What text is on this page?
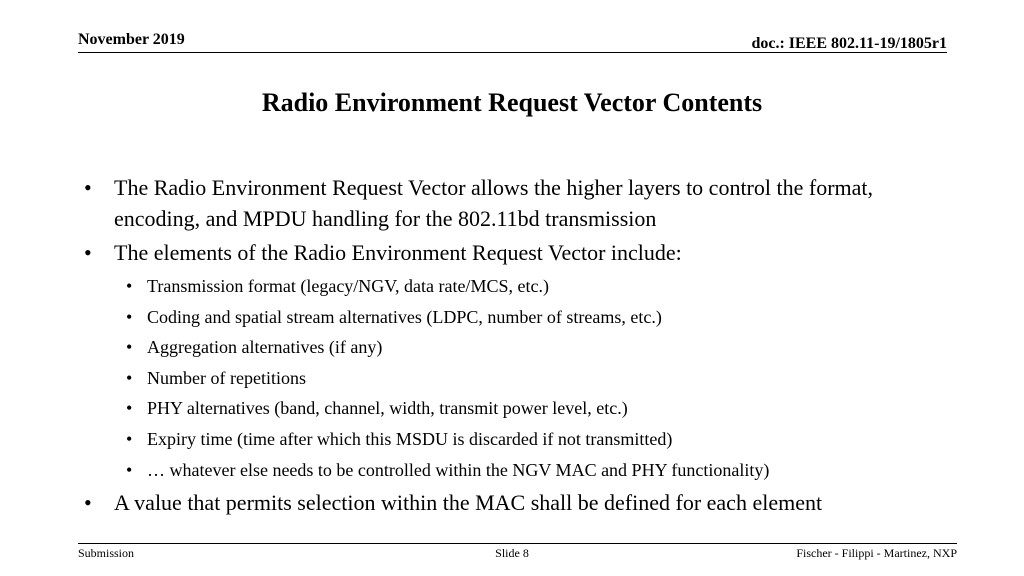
November 2019	doc.: IEEE 802.11-19/1805r1
Radio Environment Request Vector Contents
• The Radio Environment Request Vector allows the higher layers to control the format, encoding, and MPDU handling for the 802.11bd transmission
• The elements of the Radio Environment Request Vector include:
• Transmission format (legacy/NGV, data rate/MCS, etc.)
• Coding and spatial stream alternatives (LDPC, number of streams, etc.)
• Aggregation alternatives (if any)
• Number of repetitions
• PHY alternatives (band, channel, width, transmit power level, etc.)
• Expiry time (time after which this MSDU is discarded if not transmitted)
• … whatever else needs to be controlled within the NGV MAC and PHY functionality)
• A value that permits selection within the MAC shall be defined for each element
Submission	Slide 8	Fischer - Filippi - Martinez, NXP
